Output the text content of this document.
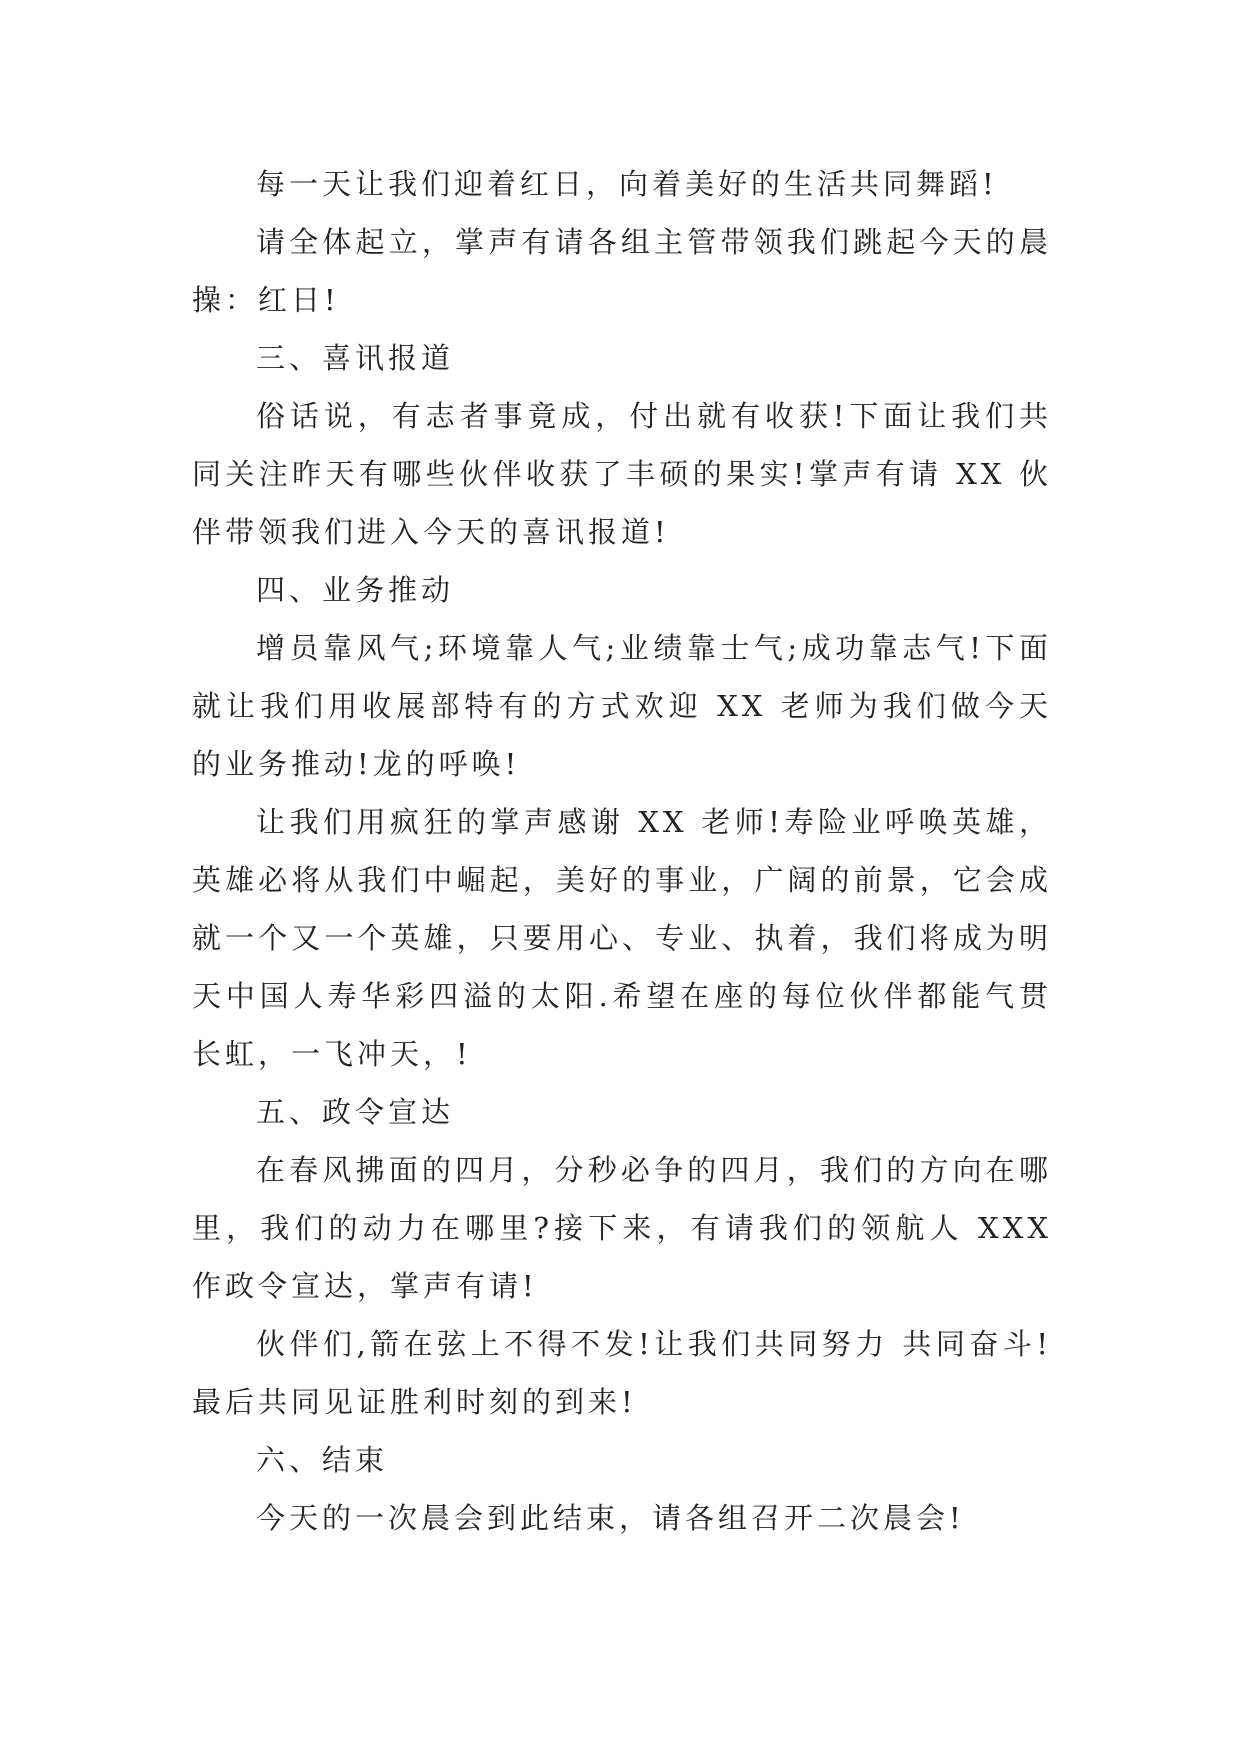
每一天让我们迎着红日，向着美好的生活共同舞蹈!

请全体起立，掌声有请各组主管带领我们跳起今天的晨操：红日!

三、喜讯报道

俗话说，有志者事竟成，付出就有收获!下面让我们共同关注昨天有哪些伙伴收获了丰硕的果实!掌声有请 XX 伙伴带领我们进入今天的喜讯报道!

四、业务推动

增员靠风气;环境靠人气;业绩靠士气;成功靠志气!下面就让我们用收展部特有的方式欢迎 XX 老师为我们做今天的业务推动!龙的呼唤!

让我们用疯狂的掌声感谢 XX 老师!寿险业呼唤英雄，英雄必将从我们中崛起，美好的事业，广阔的前景，它会成就一个又一个英雄，只要用心、专业、执着，我们将成为明天中国人寿华彩四溢的太阳.希望在座的每位伙伴都能气贯长虹，一飞冲天，!

五、政令宣达

在春风拂面的四月，分秒必争的四月，我们的方向在哪里，我们的动力在哪里?接下来，有请我们的领航人 XXX 作政令宣达，掌声有请!

伙伴们,箭在弦上不得不发!让我们共同努力 共同奋斗!最后共同见证胜利时刻的到来!

六、结束

今天的一次晨会到此结束，请各组召开二次晨会!
